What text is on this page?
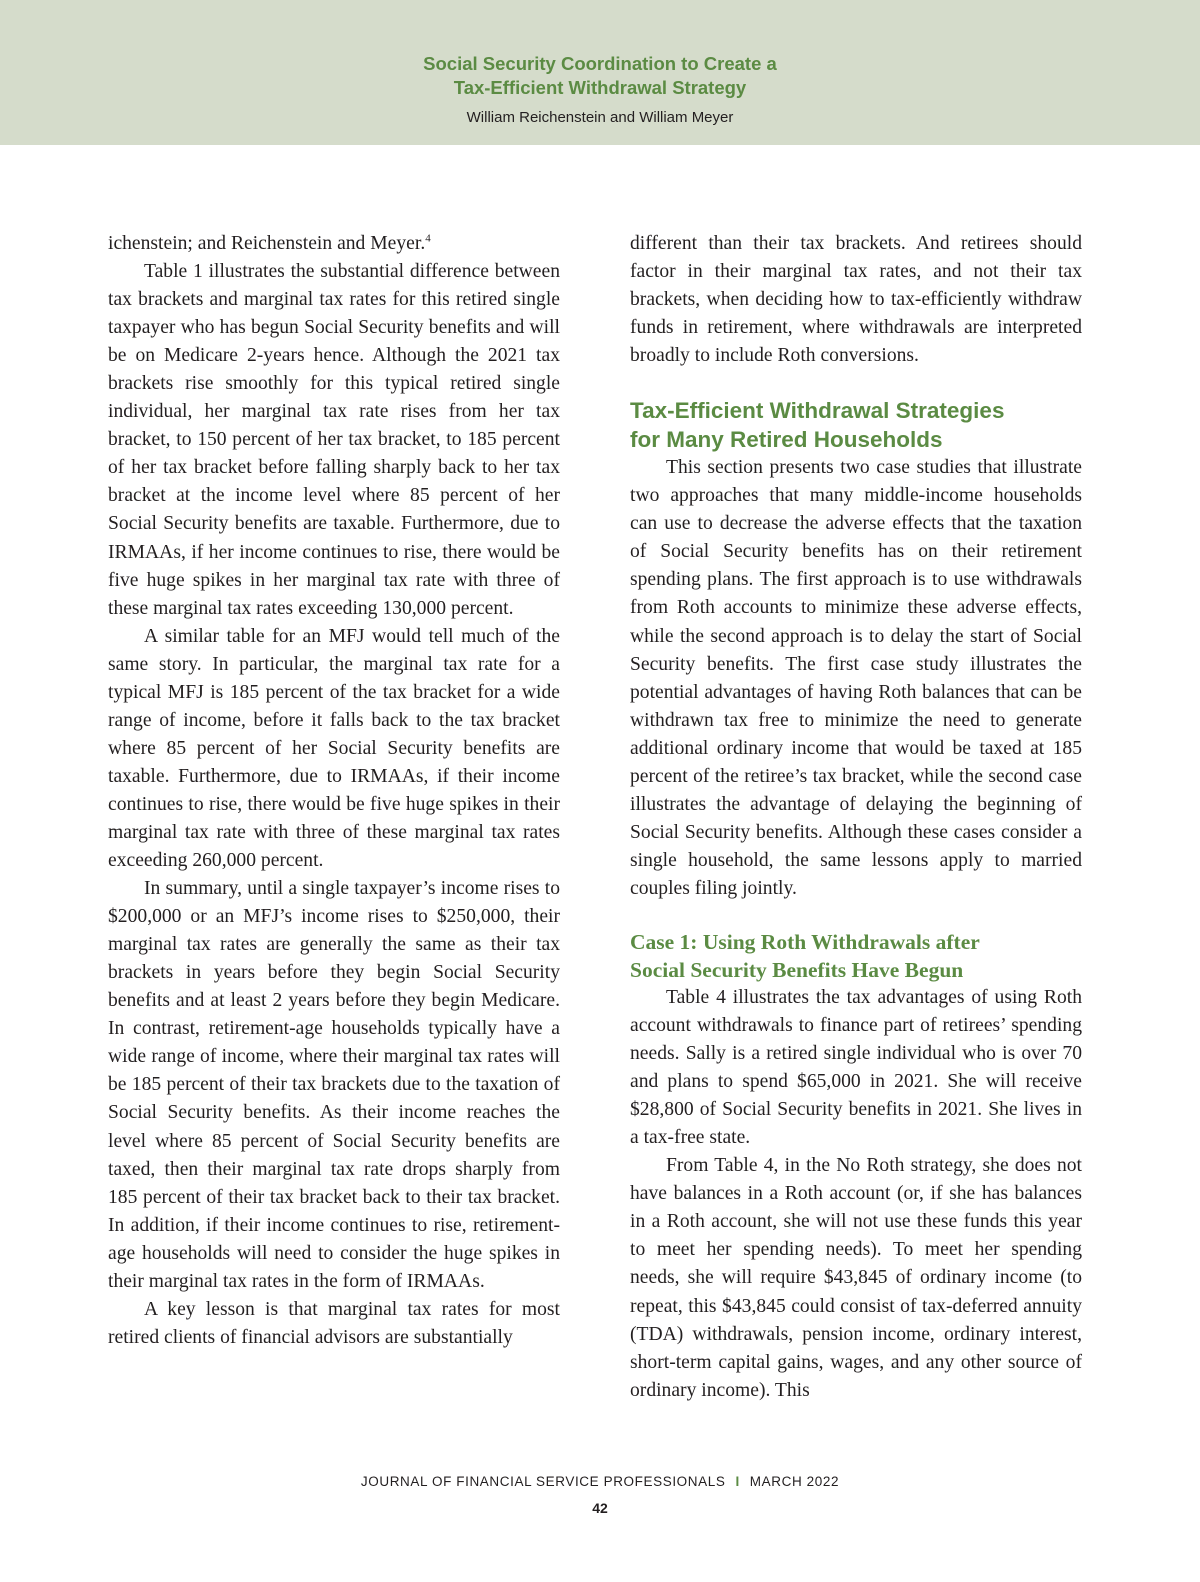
Social Security Coordination to Create a
Tax-Efficient Withdrawal Strategy
William Reichenstein and William Meyer

ichenstein; and Reichenstein and Meyer.$^4$

Table 1 illustrates the substantial difference between tax brackets and marginal tax rates for this retired single taxpayer who has begun Social Security benefits and will be on Medicare 2-years hence. Although the 2021 tax brackets rise smoothly for this typical retired single individual, her marginal tax rate rises from her tax bracket, to 150 percent of her tax bracket, to 185 percent of her tax bracket before falling sharply back to her tax bracket at the income level where 85 percent of her Social Security benefits are taxable. Furthermore, due to IRMAAs, if her income continues to rise, there would be five huge spikes in her marginal tax rate with three of these marginal tax rates exceeding 130,000 percent.

A similar table for an MFJ would tell much of the same story. In particular, the marginal tax rate for a typical MFJ is 185 percent of the tax bracket for a wide range of income, before it falls back to the tax bracket where 85 percent of her Social Security benefits are taxable. Furthermore, due to IRMAAs, if their income continues to rise, there would be five huge spikes in their marginal tax rate with three of these marginal tax rates exceeding 260,000 percent.

In summary, until a single taxpayer’s income rises to $200,000 or an MFJ’s income rises to $250,000, their marginal tax rates are generally the same as their tax brackets in years before they begin Social Security benefits and at least 2 years before they begin Medicare. In contrast, retirement-age households typically have a wide range of income, where their marginal tax rates will be 185 percent of their tax brackets due to the taxation of Social Security benefits. As their income reaches the level where 85 percent of Social Security benefits are taxed, then their marginal tax rate drops sharply from 185 percent of their tax bracket back to their tax bracket. In addition, if their income continues to rise, retirement-age households will need to consider the huge spikes in their marginal tax rates in the form of IRMAAs.

A key lesson is that marginal tax rates for most retired clients of financial advisors are substantially

different than their tax brackets. And retirees should factor in their marginal tax rates, and not their tax brackets, when deciding how to tax-efficiently withdraw funds in retirement, where withdrawals are interpreted broadly to include Roth conversions.

Tax-Efficient Withdrawal Strategies
for Many Retired Households

This section presents two case studies that illustrate two approaches that many middle-income households can use to decrease the adverse effects that the taxation of Social Security benefits has on their retirement spending plans. The first approach is to use withdrawals from Roth accounts to minimize these adverse effects, while the second approach is to delay the start of Social Security benefits. The first case study illustrates the potential advantages of having Roth balances that can be withdrawn tax free to minimize the need to generate additional ordinary income that would be taxed at 185 percent of the retiree’s tax bracket, while the second case illustrates the advantage of delaying the beginning of Social Security benefits. Although these cases consider a single household, the same lessons apply to married couples filing jointly.

Case 1: Using Roth Withdrawals after
Social Security Benefits Have Begun

Table 4 illustrates the tax advantages of using Roth account withdrawals to finance part of retirees’ spending needs. Sally is a retired single individual who is over 70 and plans to spend $65,000 in 2021. She will receive $28,800 of Social Security benefits in 2021. She lives in a tax-free state.

From Table 4, in the No Roth strategy, she does not have balances in a Roth account (or, if she has balances in a Roth account, she will not use these funds this year to meet her spending needs). To meet her spending needs, she will require $43,845 of ordinary income (to repeat, this $43,845 could consist of tax-deferred annuity (TDA) withdrawals, pension income, ordinary interest, short-term capital gains, wages, and any other source of ordinary income). This

JOURNAL OF FINANCIAL SERVICE PROFESSIONALS I MARCH 2022
42
